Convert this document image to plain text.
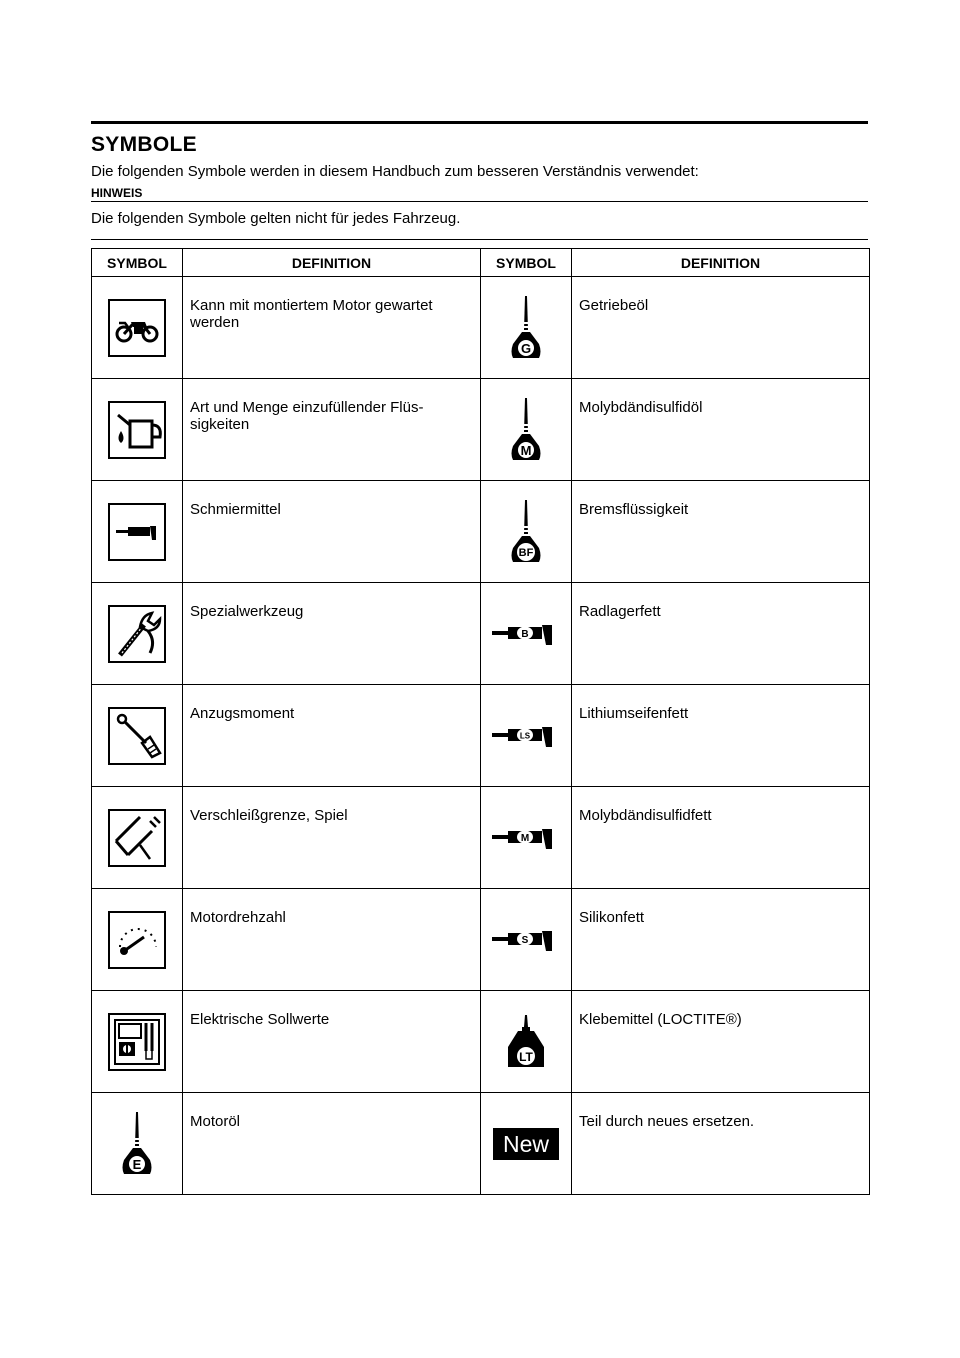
SYMBOLE
Die folgenden Symbole werden in diesem Handbuch zum besseren Verständnis verwendet:
HINWEIS
Die folgenden Symbole gelten nicht für jedes Fahrzeug.
SYMBOL	DEFINITION	SYMBOL	DEFINITION

	Kann mit montiertem Motor gewartet werden	G	Getriebeöl

	Art und Menge einzufüllender Flüs-sigkeiten	M	Molybdändisulfidöl

	Schmiermittel	BF	Bremsflüssigkeit

	Spezialwerkzeug	B	Radlagerfett

	Anzugsmoment	LS	Lithiumseifenfett

	Verschleißgrenze, Spiel	M	Molybdändisulfidfett

	Motordrehzahl	S	Silikonfett

	Elektrische Sollwerte	LT	Klebemittel (LOCTITE®)

E	Motoröl	New	Teil durch neues ersetzen.
